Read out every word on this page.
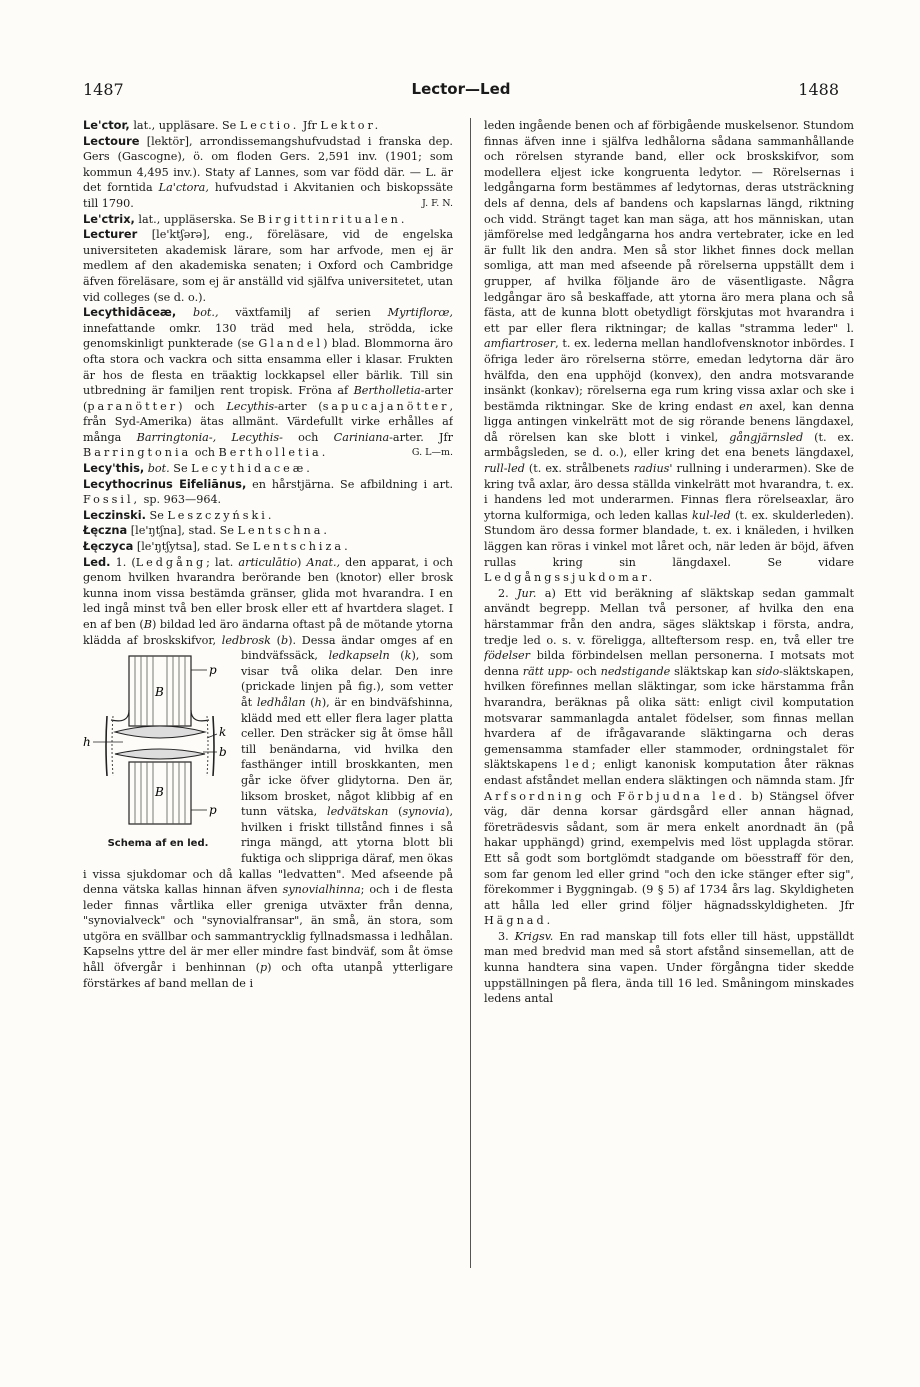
1487	Lector—Led	1488

Le'ctor, lat., uppläsare. Se Lectio. Jfr Lektor.

Lectoure [lektör], arrondissemangshufvudstad i franska dep. Gers (Gascogne), ö. om floden Gers. 2,591 inv. (1901; som kommun 4,495 inv.). Staty af Lannes, som var född där. — L. är det forntida La'ctora, hufvudstad i Akvitanien och biskopssäte till 1790.	J. F. N.

Le'ctrix, lat., uppläserska. Se Birgittinritualen.

Lecturer [le'ktʃərə], eng., föreläsare, vid de engelska universiteten akademisk lärare, som har arfvode, men ej är medlem af den akademiska senaten; i Oxford och Cambridge äfven föreläsare, som ej är anställd vid själfva universitetet, utan vid colleges (se d. o.).

Lecythidāceæ, bot., växtfamilj af serien Myrtiflorœ, innefattande omkr. 130 träd med hela, strödda, icke genomskinligt punkterade (se Glandel) blad. Blommorna äro ofta stora och vackra och sitta ensamma eller i klasar. Frukten är hos de flesta en träaktig lockkapsel eller bärlik. Till sin utbredning är familjen rent tropisk. Fröna af Bertholletia-arter (paranötter) och Lecythis-arter (sapucajanötter, från Syd-Amerika) ätas allmänt. Värdefullt virke erhålles af många Barringtonia-, Lecythis- och Cariniana-arter. Jfr Barringtonia och Bertholletia.	G. L—m.

Lecy'this, bot. Se Lecythidaceæ.

Lecythocrinus Eifeliānus, en hårstjärna. Se afbildning i art. Fossil, sp. 963—964.

Leczinski. Se Leszczyński.

Łęczna [le'ŋtʃna], stad. Se Lentschna.

Łęczyca [le'ŋtʃytsa], stad. Se Lentschiza.

Led. 1. (Ledgång; lat. articulātio) Anat., den apparat, i och genom hvilken hvarandra berörande ben (knotor) eller brosk kunna inom vissa bestämda gränser, glida mot hvarandra. I en led ingå minst två ben eller brosk eller ett af hvartdera slaget. I en af ben (B) bildad led äro ändarna oftast på de mötande ytorna klädda af broskskifvor, ledbrosk (b). Dessa ändar omges af en bindväfssäck,
p
B
k
h
b
B
p
Schema af en led.
ledkapseln (k), som visar två olika delar. Den inre (prickade linjen på fig.), som vetter åt ledhålan (h), är en bindväfshinna, klädd med ett eller flera lager platta celler. Den sträcker sig åt ömse håll till benändarna, vid hvilka den fasthänger intill broskkanten, men går icke öfver glidytorna. Den är, liksom brosket, något klibbig af en tunn vätska, ledvätskan (synovia), hvilken i friskt tillstånd finnes i så ringa mängd, att ytorna blott bli fuktiga och slippriga däraf, men ökas i vissa sjukdomar och då kallas "ledvatten". Med afseende på denna vätska kallas hinnan äfven synovialhinna; och i de flesta leder finnas vårtlika eller greniga utväxter från denna, "synovialveck" och "synovialfransar", än små, än stora, som utgöra en svällbar och sammantrycklig fyllnadsmassa i ledhålan. Kapselns yttre del är mer eller mindre fast bindväf, som åt ömse håll öfvergår i benhinnan (p) och ofta utanpå ytterligare förstärkes af band mellan de i

leden ingående benen och af förbigående muskelsenor. Stundom finnas äfven inne i själfva ledhålorna sådana sammanhållande och rörelsen styrande band, eller ock broskskifvor, som modellera eljest icke kongruenta ledytor. — Rörelsernas i ledgångarna form bestämmes af ledytornas, deras utsträckning dels af denna, dels af bandens och kapslarnas längd, riktning och vidd. Strängt taget kan man säga, att hos människan, utan jämförelse med ledgångarna hos andra vertebrater, icke en led är fullt lik den andra. Men så stor likhet finnes dock mellan somliga, att man med afseende på rörelserna uppställt dem i grupper, af hvilka följande äro de väsentligaste. Några ledgångar äro så beskaffade, att ytorna äro mera plana och så fästa, att de kunna blott obetydligt förskjutas mot hvarandra i ett par eller flera riktningar; de kallas "stramma leder" l. amfiartroser, t. ex. lederna mellan handlofvensknotor inbördes. I öfriga leder äro rörelserna större, emedan ledytorna där äro hvälfda, den ena upphöjd (konvex), den andra motsvarande insänkt (konkav); rörelserna ega rum kring vissa axlar och ske i bestämda riktningar. Ske de kring endast en axel, kan denna ligga antingen vinkelrätt mot de sig rörande benens längdaxel, då rörelsen kan ske blott i vinkel, gångjärnsled (t. ex. armbågsleden, se d. o.), eller kring det ena benets längdaxel, rull-led (t. ex. strålbenets radius' rullning i underarmen). Ske de kring två axlar, äro dessa ställda vinkelrätt mot hvarandra, t. ex. i handens led mot underarmen. Finnas flera rörelseaxlar, äro ytorna kulformiga, och leden kallas kul-led (t. ex. skulderleden). Stundom äro dessa former blandade, t. ex. i knäleden, i hvilken läggen kan röras i vinkel mot låret och, när leden är böjd, äfven rullas kring sin längdaxel. Se vidare Ledgångssjukdomar.

2. Jur. a) Ett vid beräkning af släktskap sedan gammalt användt begrepp. Mellan två personer, af hvilka den ena härstammar från den andra, säges släktskap i första, andra, tredje led o. s. v. föreligga, allteftersom resp. en, två eller tre födelser bilda förbindelsen mellan personerna. I motsats mot denna rätt upp- och nedstigande släktskap kan sido-släktskapen, hvilken förefinnes mellan släktingar, som icke härstamma från hvarandra, beräknas på olika sätt: enligt civil komputation motsvarar sammanlagda antalet födelser, som finnas mellan hvardera af de ifrågavarande släktingarna och deras gemensamma stamfader eller stammoder, ordningstalet för släktskapens led; enligt kanonisk komputation åter räknas endast afståndet mellan endera släktingen och nämnda stam. Jfr Arfsordning och Förbjudna led. b) Stängsel öfver väg, där denna korsar gärdsgård eller annan hägnad, företrädesvis sådant, som är mera enkelt anordnadt än (på hakar upphängd) grind, exempelvis med löst upplagda störar. Ett så godt som bortglömdt stadgande om böesstraff för den, som far genom led eller grind "och den icke stänger efter sig", förekommer i Byggningab. (9 § 5) af 1734 års lag. Skyldigheten att hålla led eller grind följer hägnadsskyldigheten. Jfr Hägnad.

3. Krigsv. En rad manskap till fots eller till häst, uppställdt man med bredvid man med så stort afstånd sinsemellan, att de kunna handtera sina vapen. Under förgångna tider skedde uppställningen på flera, ända till 16 led. Småningom minskades ledens antal
